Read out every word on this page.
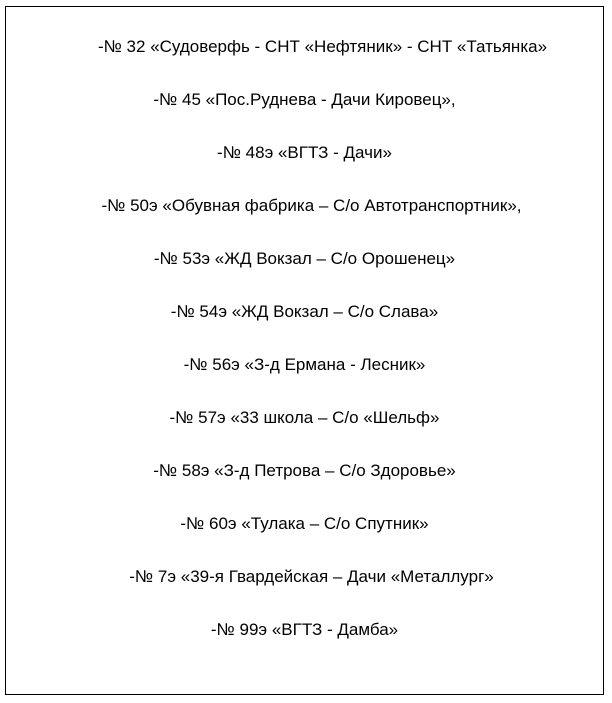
-№ 32 «Судоверфь - СНТ «Нефтяник» - СНТ «Татьянка»
-№ 45 «Пос.Руднева - Дачи Кировец»,
-№ 48э «ВГТЗ - Дачи»
-№ 50э «Обувная фабрика – С/о Автотранспортник»,
-№ 53э «ЖД Вокзал – С/о Орошенец»
-№ 54э «ЖД Вокзал – С/о Слава»
-№ 56э «З-д Ермана - Лесник»
-№ 57э «33 школа – С/о «Шельф»
-№ 58э «З-д Петрова – С/о Здоровье»
-№ 60э «Тулака – С/о Спутник»
-№ 7э «39-я Гвардейская – Дачи «Металлург»
-№ 99э «ВГТЗ - Дамба»
